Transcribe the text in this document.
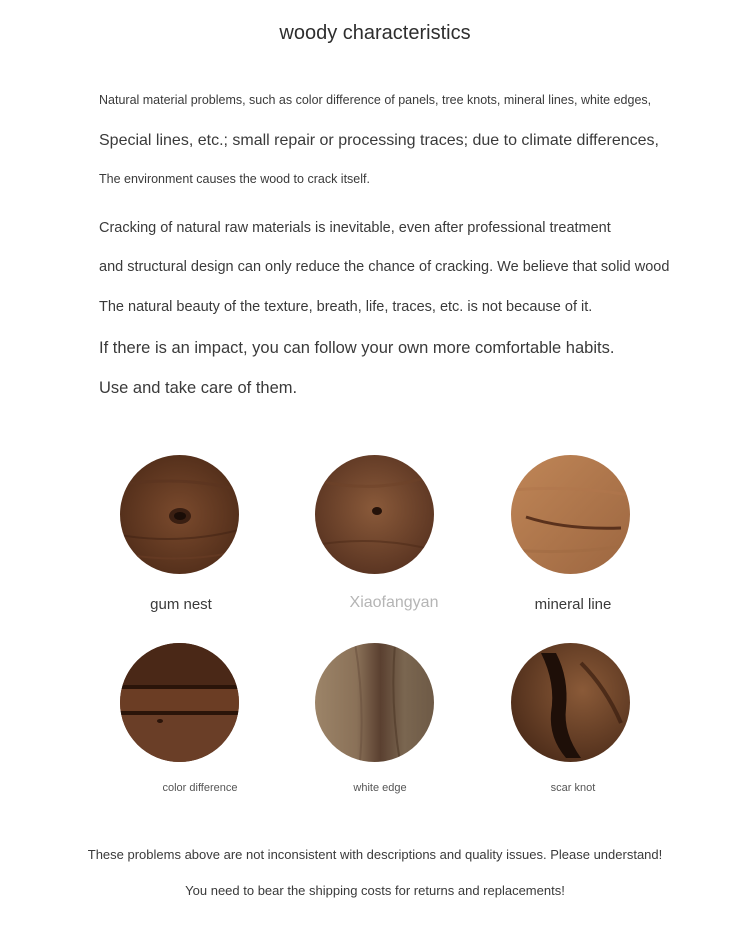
woody characteristics
Natural material problems, such as color difference of panels, tree knots, mineral lines, white edges,
Special lines, etc.; small repair or processing traces; due to climate differences,
The environment causes the wood to crack itself.
Cracking of natural raw materials is inevitable, even after professional treatment
and structural design can only reduce the chance of cracking. We believe that solid wood
The natural beauty of the texture, breath, life, traces, etc. is not because of it.
If there is an impact, you can follow your own more comfortable habits.
Use and take care of them.
gum nest	Xiaofangyan	mineral line
color difference	white edge	scar knot
These problems above are not inconsistent with descriptions and quality issues. Please understand!
You need to bear the shipping costs for returns and replacements!
